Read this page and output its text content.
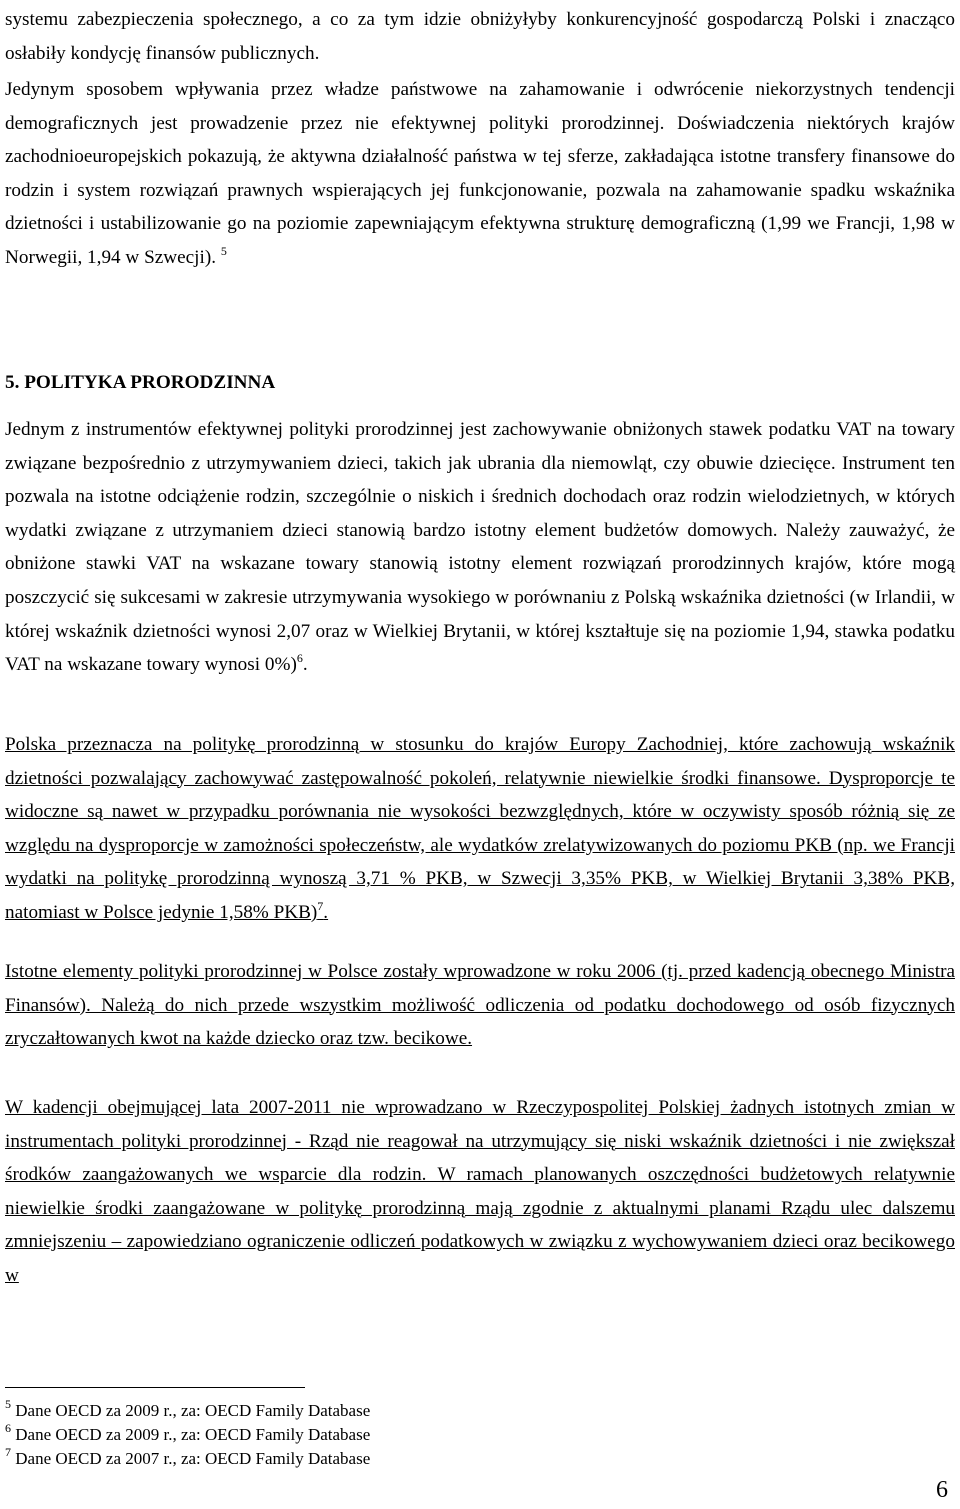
systemu zabezpieczenia społecznego, a co za tym idzie obniżyłyby konkurencyjność gospodarczą Polski i znacząco osłabiły kondycję finansów publicznych.

Jedynym sposobem wpływania przez władze państwowe na zahamowanie i odwrócenie niekorzystnych tendencji demograficznych jest prowadzenie przez nie efektywnej polityki prorodzinnej. Doświadczenia niektórych krajów zachodnioeuropejskich pokazują, że aktywna działalność państwa w tej sferze, zakładająca istotne transfery finansowe do rodzin i system rozwiązań prawnych wspierających jej funkcjonowanie, pozwala na zahamowanie spadku wskaźnika dzietności i ustabilizowanie go na poziomie zapewniającym efektywna strukturę demograficzną (1,99 we Francji, 1,98 w Norwegii, 1,94 w Szwecji). $^5$

5. POLITYKA PRORODZINNA

Jednym z instrumentów efektywnej polityki prorodzinnej jest zachowywanie obniżonych stawek podatku VAT na towary związane bezpośrednio z utrzymywaniem dzieci, takich jak ubrania dla niemowląt, czy obuwie dziecięce. Instrument ten pozwala na istotne odciążenie rodzin, szczególnie o niskich i średnich dochodach oraz rodzin wielodzietnych, w których wydatki związane z utrzymaniem dzieci stanowią bardzo istotny element budżetów domowych. Należy zauważyć, że obniżone stawki VAT na wskazane towary stanowią istotny element rozwiązań prorodzinnych krajów, które mogą poszczycić się sukcesami w zakresie utrzymywania wysokiego w porównaniu z Polską wskaźnika dzietności (w Irlandii, w której wskaźnik dzietności wynosi 2,07 oraz w Wielkiej Brytanii, w której kształtuje się na poziomie 1,94, stawka podatku VAT na wskazane towary wynosi 0%)$^6$.

Polska przeznacza na politykę prorodzinną w stosunku do krajów Europy Zachodniej, które zachowują wskaźnik dzietności pozwalający zachowywać zastępowalność pokoleń, relatywnie niewielkie środki finansowe. Dysproporcje te widoczne są nawet w przypadku porównania nie wysokości bezwzględnych, które w oczywisty sposób różnią się ze względu na dysproporcje w zamożności społeczeństw, ale wydatków zrelatywizowanych do poziomu PKB (np. we Francji wydatki na politykę prorodzinną wynoszą 3,71 % PKB, w Szwecji 3,35% PKB, w Wielkiej Brytanii 3,38% PKB, natomiast w Polsce jedynie 1,58% PKB)$^7$.

Istotne elementy polityki prorodzinnej w Polsce zostały wprowadzone w roku 2006 (tj. przed kadencją obecnego Ministra Finansów). Należą do nich przede wszystkim możliwość odliczenia od podatku dochodowego od osób fizycznych zryczałtowanych kwot na każde dziecko oraz tzw. becikowe.

W kadencji obejmującej lata 2007-2011 nie wprowadzano w Rzeczypospolitej Polskiej żadnych istotnych zmian w instrumentach polityki prorodzinnej - Rząd nie reagował na utrzymujący się niski wskaźnik dzietności i nie zwiększał środków zaangażowanych we wsparcie dla rodzin. W ramach planowanych oszczędności budżetowych relatywnie niewielkie środki zaangażowane w politykę prorodzinną mają zgodnie z aktualnymi planami Rządu ulec dalszemu zmniejszeniu – zapowiedziano ograniczenie odliczeń podatkowych w związku z wychowywaniem dzieci oraz becikowego w

$^5$ Dane OECD za 2009 r., za: OECD Family Database

$^6$ Dane OECD za 2009 r., za: OECD Family Database

$^7$ Dane OECD za 2007 r., za: OECD Family Database

6
